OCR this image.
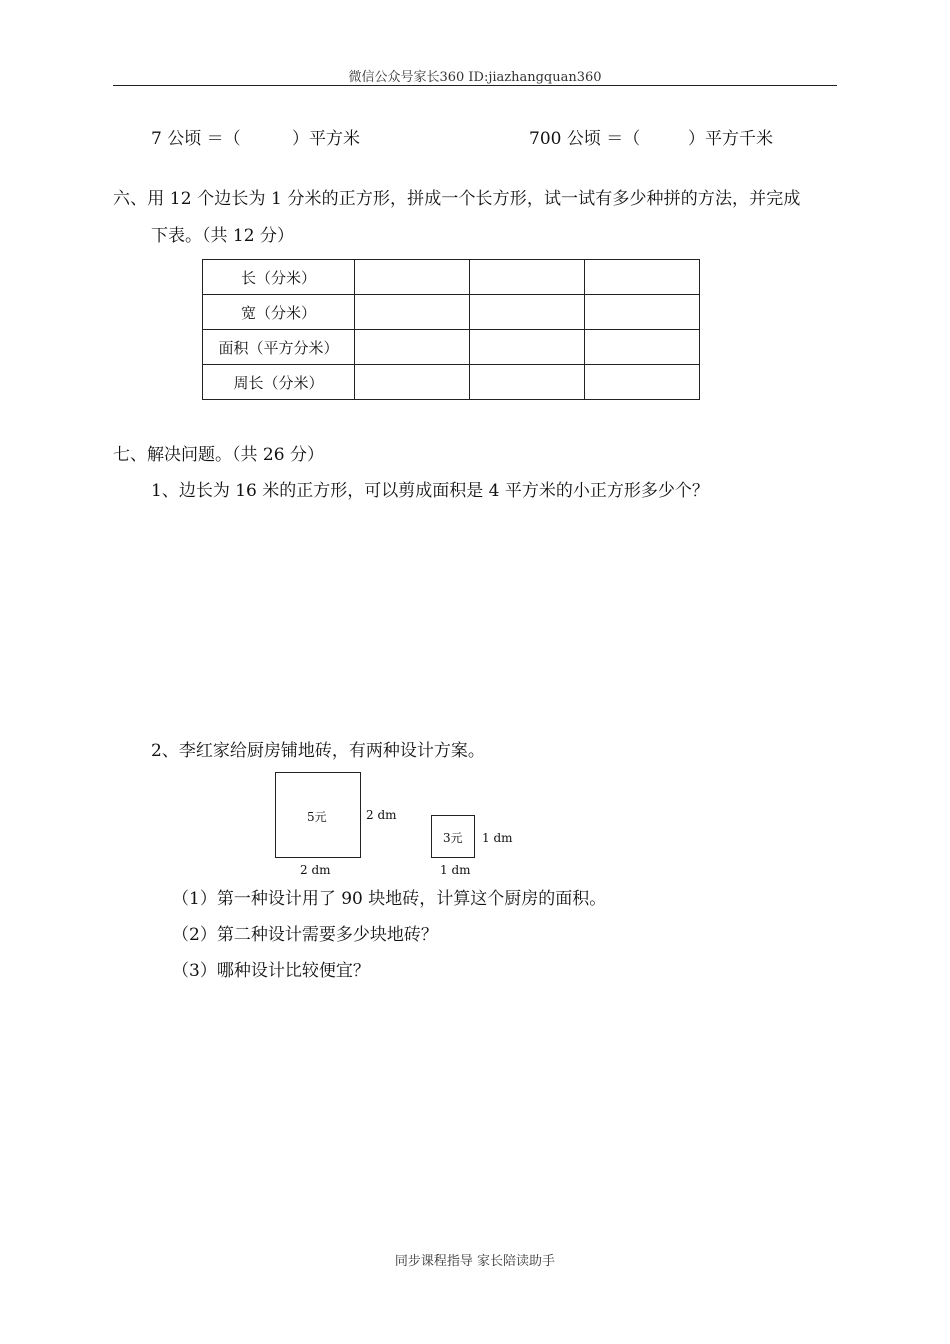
微信公众号家长360 ID:jiazhangquan360
7 公顷 ＝（	）平方米	700 公顷 ＝（	）平方千米
六、用 12 个边长为 1 分米的正方形，拼成一个长方形，试一试有多少种拼的方法，并完成
下表。（共 12 分）
长（分米）			
宽（分米）			
面积（平方分米）			
周长（分米）			
七、解决问题。（共 26 分）
1、边长为 16 米的正方形，可以剪成面积是 4 平方米的小正方形多少个？
2、李红家给厨房铺地砖，有两种设计方案。
5元	2 dm
2 dm
3元 1 dm
1 dm
（1）第一种设计用了 90 块地砖，计算这个厨房的面积。
（2）第二种设计需要多少块地砖？
（3）哪种设计比较便宜？
同步课程指导 家长陪读助手
